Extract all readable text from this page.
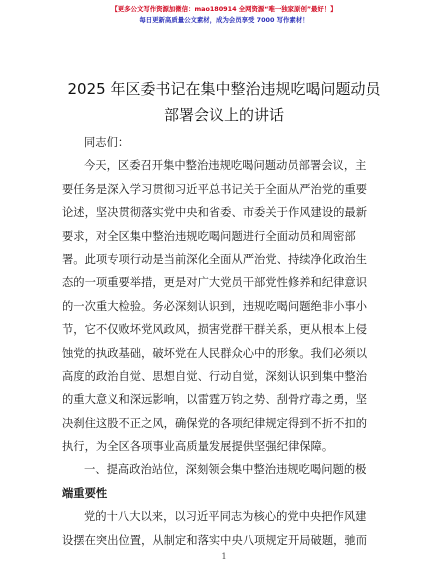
【更多公文写作资源加微信：mao180914 全网资源“唯一独家原创”最好！】
每日更新高质量公文素材，成为会员享受 7000 写作素材！
2025 年区委书记在集中整治违规吃喝问题动员
部署会议上的讲话
同志们：
今天，区委召开集中整治违规吃喝问题动员部署会议，主
要任务是深入学习贯彻习近平总书记关于全面从严治党的重要
论述，坚决贯彻落实党中央和省委、市委关于作风建设的最新
要求，对全区集中整治违规吃喝问题进行全面动员和周密部
署。此项专项行动是当前深化全面从严治党、持续净化政治生
态的一项重要举措，更是对广大党员干部党性修养和纪律意识
的一次重大检验。务必深刻认识到，违规吃喝问题绝非小事小
节，它不仅败坏党风政风，损害党群干群关系，更从根本上侵
蚀党的执政基础，破坏党在人民群众心中的形象。我们必须以
高度的政治自觉、思想自觉、行动自觉，深刻认识到集中整治
的重大意义和深远影响，以雷霆万钧之势、刮骨疗毒之勇，坚
决刹住这股不正之风，确保党的各项纪律规定得到不折不扣的
执行，为全区各项事业高质量发展提供坚强纪律保障。
一、提高政治站位，深刻领会集中整治违规吃喝问题的极
端重要性
党的十八大以来，以习近平同志为核心的党中央把作风建
设摆在突出位置，从制定和落实中央八项规定开局破题，驰而
1
